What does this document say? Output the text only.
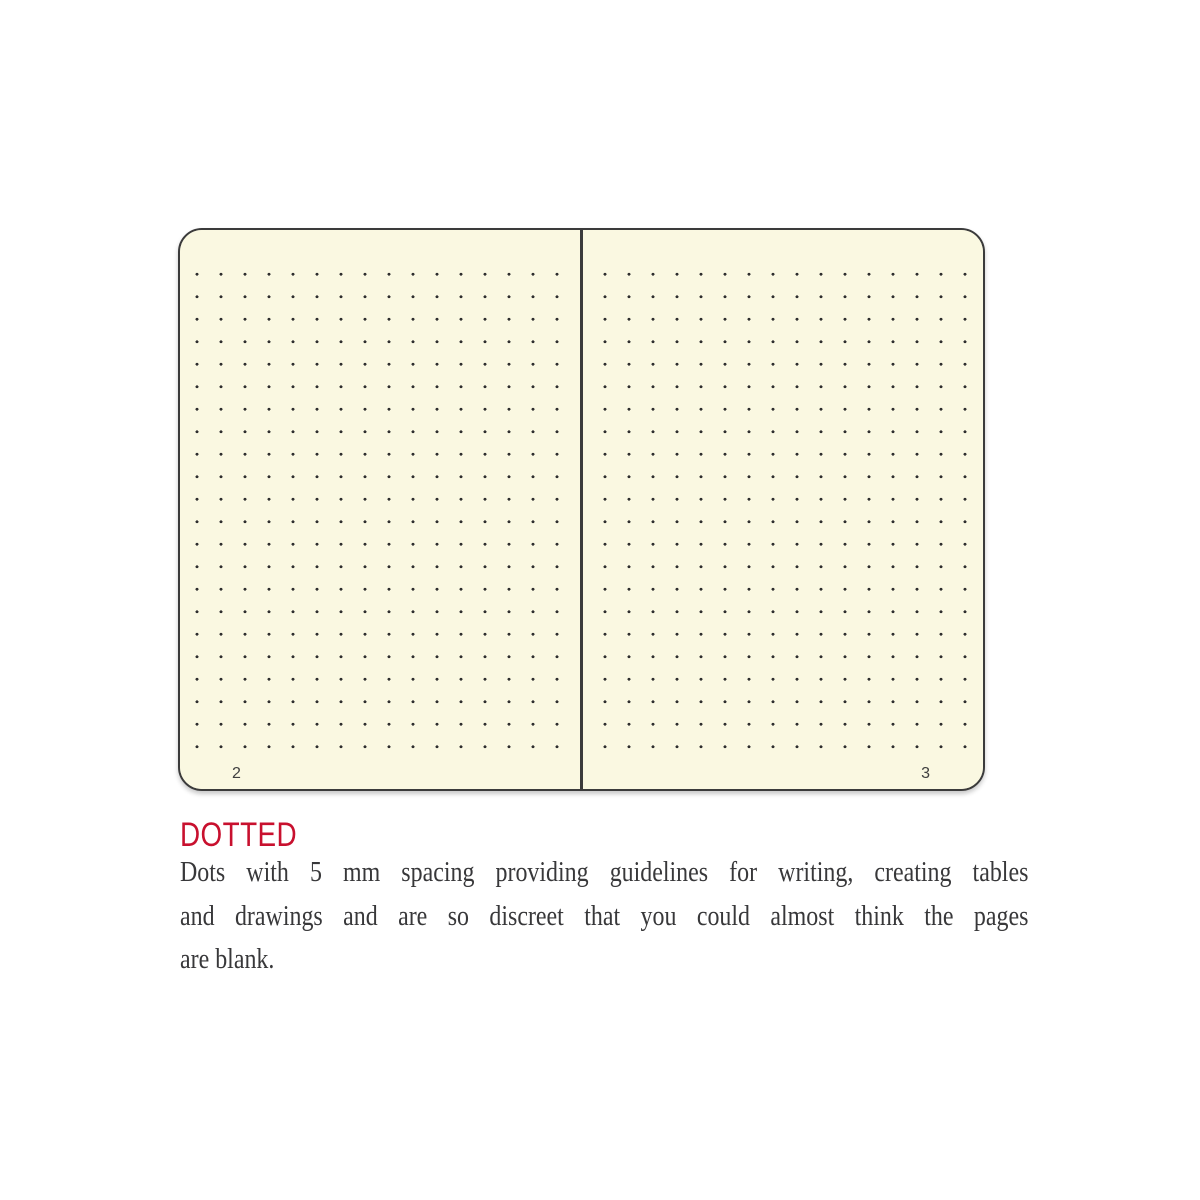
2	3
DOTTED
Dots with 5 mm spacing providing guidelines for writing, creating tables
and drawings and are so discreet that you could almost think the pages
are blank.
